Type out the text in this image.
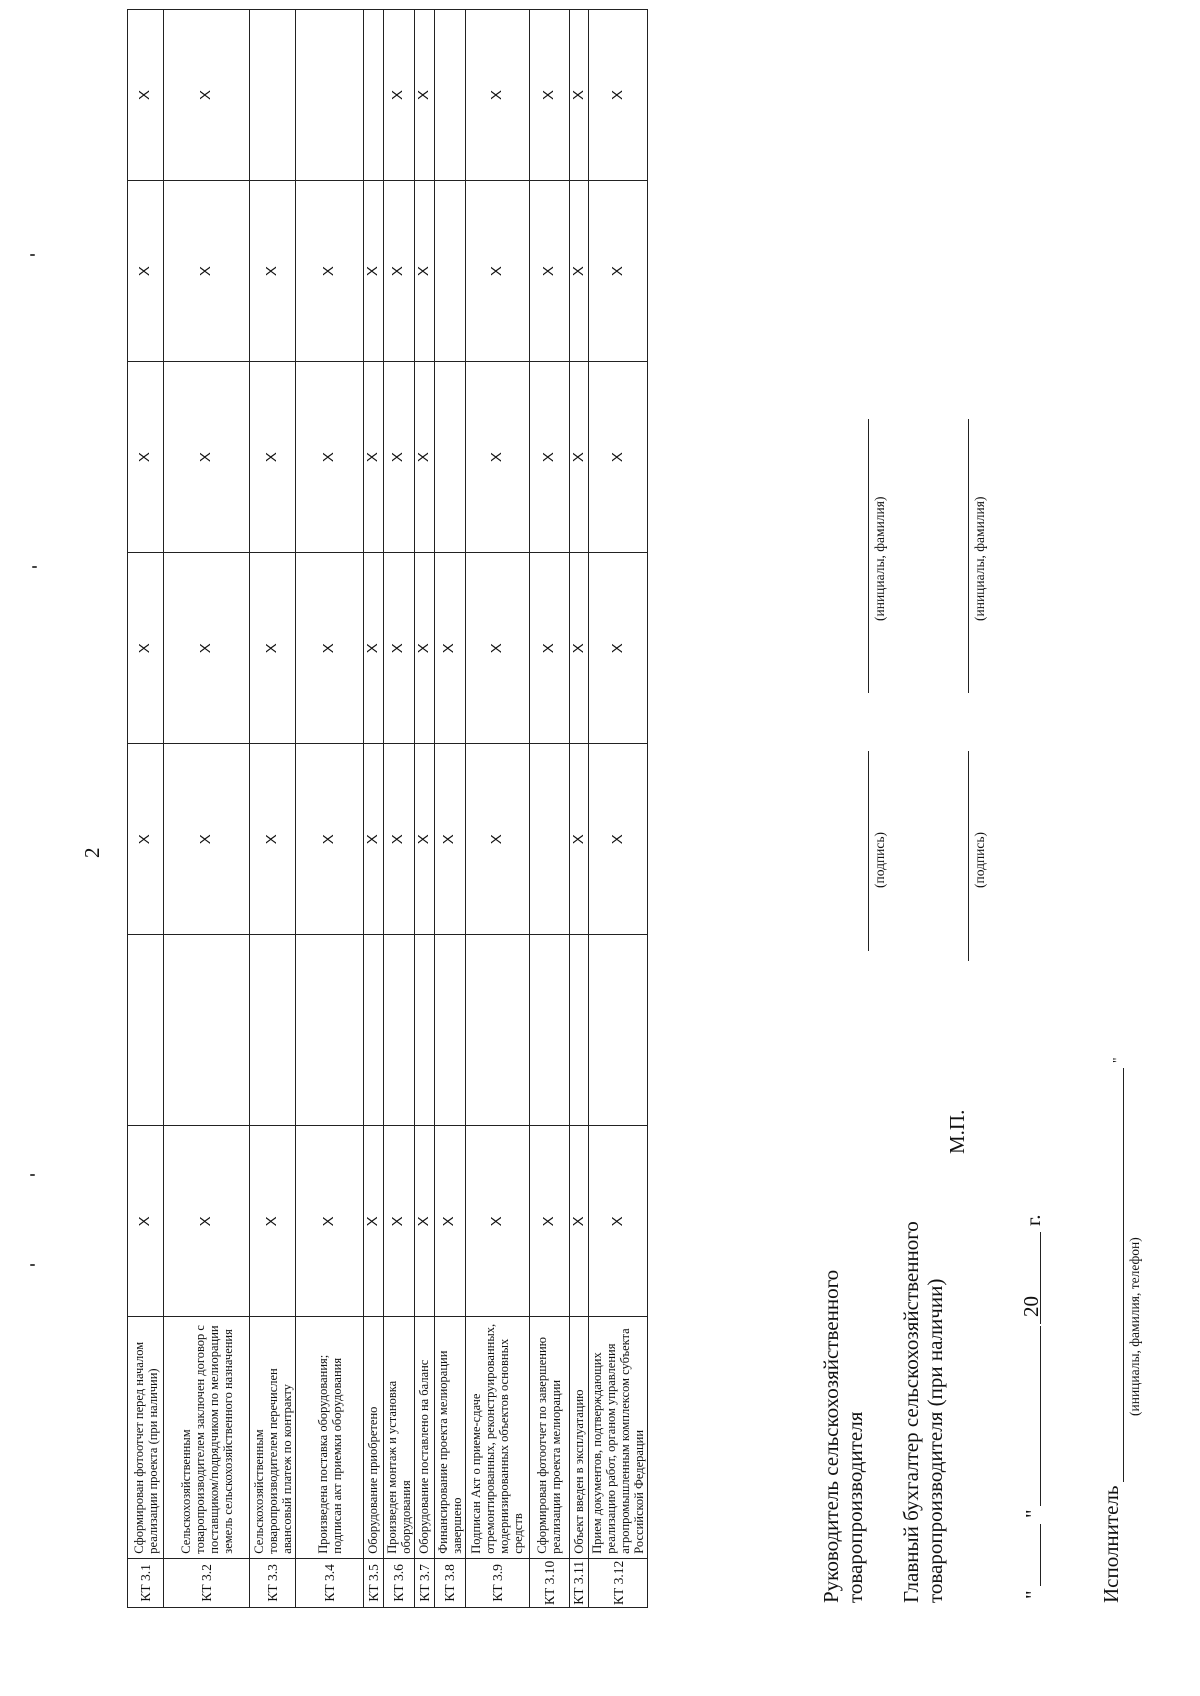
2
КТ 3.1	Сформирован фотоотчет перед началом реализации проекта (при наличии)	Х		Х	Х	Х	Х	Х
КТ 3.2	Сельскохозяйственным товаропроизводителем заключен договор с поставщиком/подрядчиком по мелиорации земель сельскохозяйственного назначения	Х		Х	Х	Х	Х	Х
КТ 3.3	Сельскохозяйственным товаропроизводителем перечислен авансовый платеж по контракту	Х		Х	Х	Х	Х	
КТ 3.4	Произведена поставка оборудования; подписан акт приемки оборудования	Х		Х	Х	Х	Х	
КТ 3.5	Оборудование приобретено	Х		Х	Х	Х	Х	
КТ 3.6	Произведен монтаж и установка оборудования	Х		Х	Х	Х	Х	Х
КТ 3.7	Оборудование поставлено на баланс	Х		Х	Х	Х	Х	Х
КТ 3.8	Финансирование проекта мелиорации завершено	Х		Х	Х			
КТ 3.9	Подписан Акт о приеме-сдаче отремонтированных, реконструированных, модернизированных объектов основных средств	Х		Х	Х	Х	Х	Х
КТ 3.10	Сформирован фотоотчет по завершению реализации проекта мелиорации	Х			Х	Х	Х	Х
КТ 3.11	Объект введен в эксплуатацию	Х		Х	Х	Х	Х	Х
КТ 3.12	Прием документов, подтверждающих реализацию работ, органом управления агропромышленным комплексом субъекта Российской Федерации	Х		Х	Х	Х	Х	Х
Руководитель сельскохозяйственного товаропроизводителя
(подпись)
(инициалы, фамилия)
Главный бухгалтер сельскохозяйственного товаропроизводителя (при наличии)
(подпись)
(инициалы, фамилия)
М.П.
"
"
20
г.
Исполнитель
(инициалы, фамилия, телефон)
"
